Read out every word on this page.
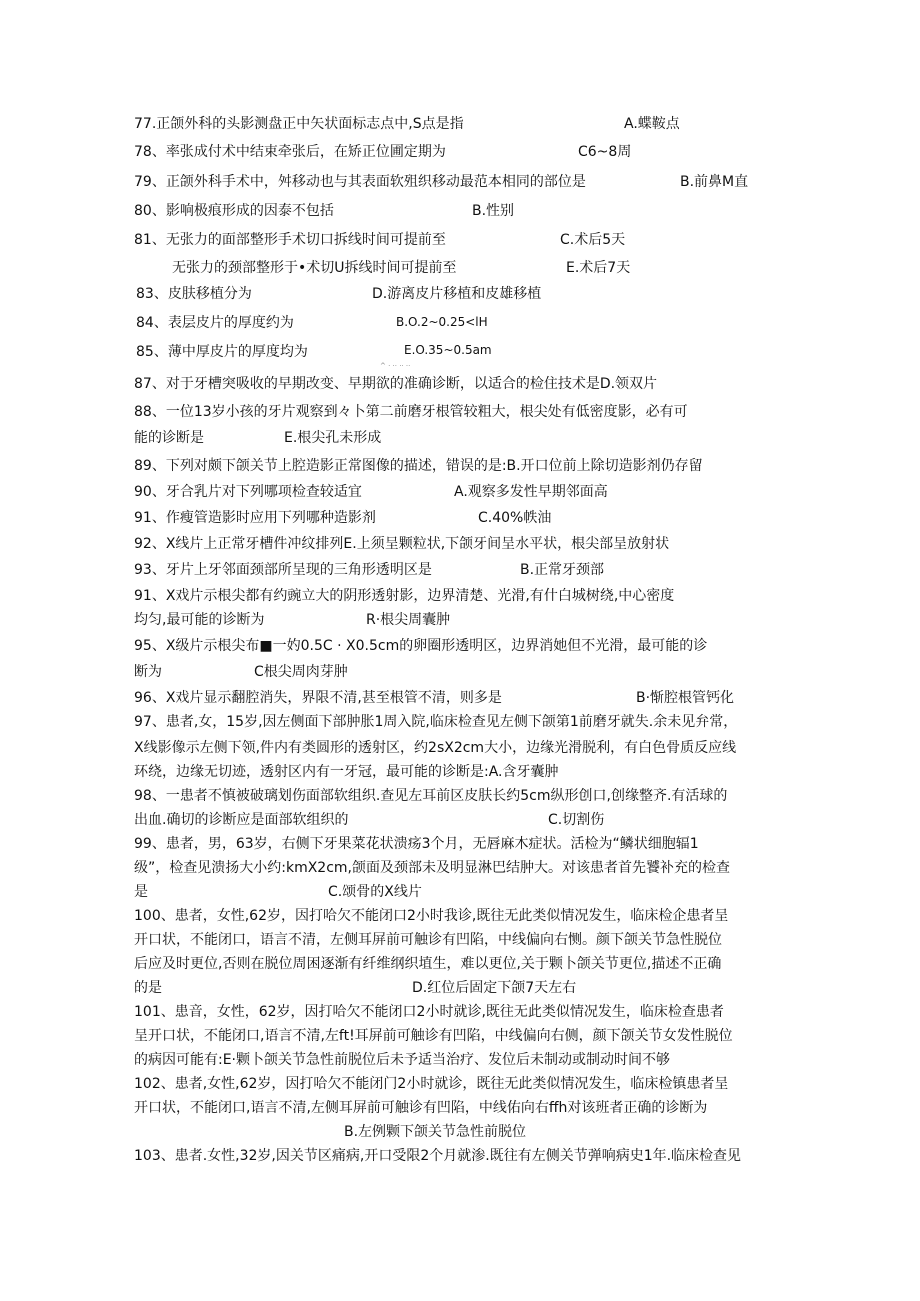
77.正颌外科的头影测盘正中矢状面标志点中,S点是指	A.蝶鞍点
78、率张成付术中结束牵张后，在矫正位圃定期为	C6~8周
79、正颌外科手术中，舛移动也与其表面软殂织移动最范本相同的部位是	B.前鼻M直
80、影响极痕形成的因泰不包括	B.性别
81、无张力的面部整形手术切口拆线时间可提前至	C.术后5天
无张力的颈部整形于•术切U拆线时间可提前至	E.术后7天
83、皮肤移植分为	D.游离皮片移植和皮雄移植
84、表层皮片的厚度约为	B.O.2~0.25<lH
85、薄中厚皮片的厚度均为	E.O.35~0.5am
^ · ·· ·· ··
87、对于牙槽突吸收的早期改变、早期欲的准确诊断，以适合的检住技术是D.领双片
88、一位13岁小孩的牙片观察到々卜第二前磨牙根管较粗大，根尖处有低密度影，必有可
能的诊断是	E.根尖孔未形成
89、下列对颇下颌关节上腔造影正常图像的描述，错误的是:B.开口位前上除切造影剂仍存留
90、牙合乳片对下列哪项检查较适宜	A.观察多发性早期邻面高
91、作瘦管造影时应用下列哪种造影剂	C.40%帙油
92、X线片上正常牙槽件冲纹排列E.上须呈颗粒状,下颌牙间呈水平状，根尖部呈放射状
93、牙片上牙邻面颈部所呈现的三角形透明区是	B.正常牙颈部
91、X戏片示根尖都有约豌立大的阴形透射影，边界清楚、光滑,有什白城树绕,中心密度
均匀,最可能的诊断为	R·根尖周囊肿
95、X级片示根尖布■一妁0.5C · X0.5cm的卵圈形透明区，边界消她但不光滑，最可能的诊
断为	C根尖周肉芽肿
96、X戏片显示翻腔消失，界限不清,甚至根管不清，则多是	B·惭腔根管钙化
97、患者,女，15岁,因左侧面下部肿胀1周入院,临床检查见左侧下颌第1前磨牙就失.余未见弁常，
X线影像示左侧下领,件内有类圆形的透射区，约2sX2cm大小，边缘光滑脱利，有白色骨质反应线
环绕，边缘无切迹，透射区内有一牙冠，最可能的诊断是:A.含牙囊肿
98、一患者不慎被破璃划伤面部软组织.查见左耳前区皮肤长约5cm纵形创口,创缘整齐.有活球的
出血.确切的诊断应是面部软组织的	C.切割伤
99、患者，男，63岁，右侧下牙果菜花状溃疡3个月，无唇麻木症状。活检为“鳞状细胞辐1
级”，检查见溃扬大小约:kmX2cm,颌面及颈部未及明显淋巴结肿大。对该患者首先饕补充的检查
是	C.颂骨的X线片
100、患者，女性,62岁，因打哈欠不能闭口2小时我诊,既往无此类似情况发生，临床检企患者呈
开口状，不能闭口，语言不清，左侧耳屏前可触诊有凹陷，中线偏向右恻。颜下颌关节急性脱位
后应及时更位,否则在脱位周困逐渐有纤维纲织埴生，难以更位,关于颗卜颌关节更位,描述不正确
的是	D.红位后固定下颌7天左右
101、患音，女性，62岁，因打哈欠不能闭口2小时就诊,既往无此类似情况发生，临床检查患者
呈开口状，不能闭口,语言不清,左ft!耳屏前可触诊有凹陷，中线偏向右侧，颜下颌关节女发性脱位
的病因可能有:E·颗卜颌关节急性前脱位后未予适当治疗、发位后未制动或制动时间不够
102、患者,女性,62岁，因打哈欠不能闭门2小时就诊，既往无此类似情况发生，临床检镇患者呈
开口状，不能闭口,语言不清,左侧耳屏前可触诊有凹陷，中线佑向右ffh对该班者正确的诊断为
B.左例颗下颌关节急性前脱位
103、患者.女性,32岁,因关节区痛病,开口受限2个月就渗.既往有左侧关节弹响病史1年.临床检查见
